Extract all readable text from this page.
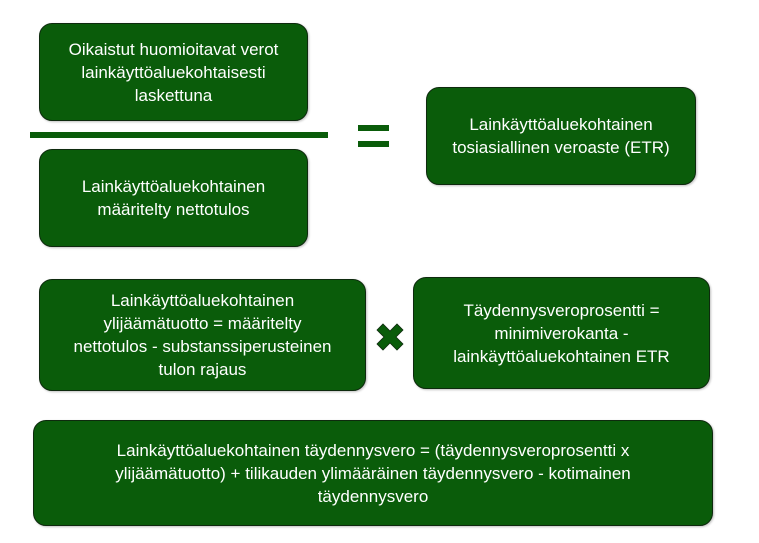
Oikaistut huomioitavat verot
lainkäyttöaluekohtaisesti
laskettuna
Lainkäyttöaluekohtainen
määritelty nettotulos
Lainkäyttöaluekohtainen
tosiasiallinen veroaste (ETR)
Lainkäyttöaluekohtainen
ylijäämätuotto = määritelty
nettotulos - substanssiperusteinen
tulon rajaus
Täydennysveroprosentti =
minimiverokanta -
lainkäyttöaluekohtainen ETR
Lainkäyttöaluekohtainen täydennysvero = (täydennysveroprosentti x
ylijäämätuotto) + tilikauden ylimääräinen täydennysvero - kotimainen
täydennysvero
